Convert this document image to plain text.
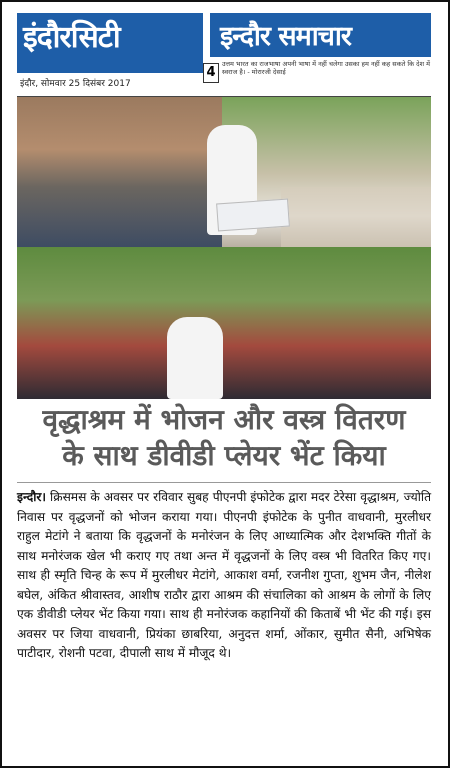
इंदौरसिटी	इन्दौर समाचार
इंदौर, सोमवार 25 दिसंबर 2017
4
उत्तम भारत का राजभाषा अपनी भाषा में नहीं चलेगा उसका हम नहीं कह सकते कि देश में स्वराज है। - मोरारजी देसाई
वृद्धाश्रम में भोजन और वस्त्र वितरण
के साथ डीवीडी प्लेयर भेंट किया

इन्दौर। क्रिसमस के अवसर पर रविवार सुबह पीएनपी इंफोटेक द्वारा मदर टेरेसा वृद्धाश्रम, ज्योति निवास पर वृद्धजनों को भोजन कराया गया। पीएनपी इंफोटेक के पुनीत वाधवानी, मुरलीधर राहुल मेटांगे ने बताया कि वृद्धजनों के मनोरंजन के लिए आध्यात्मिक और देशभक्ति गीतों के साथ मनोरंजक खेल भी कराए गए तथा अन्त में वृद्धजनों के लिए वस्त्र भी वितरित किए गए। साथ ही स्मृति चिन्ह के रूप में मुरलीधर मेटांगे, आकाश वर्मा, रजनीश गुप्ता, शुभम जैन, नीलेश बघेल, अंकित श्रीवास्तव, आशीष राठौर द्वारा आश्रम की संचालिका को आश्रम के लोगों के लिए एक डीवीडी प्लेयर भेंट किया गया। साथ ही मनोरंजक कहानियों की किताबें भी भेंट की गई। इस अवसर पर जिया वाधवानी, प्रियंका छाबरिया, अनुदत्त शर्मा, ओंकार, सुमीत सैनी, अभिषेक पाटीदार, रोशनी पटवा, दीपाली साथ में मौजूद थे।
